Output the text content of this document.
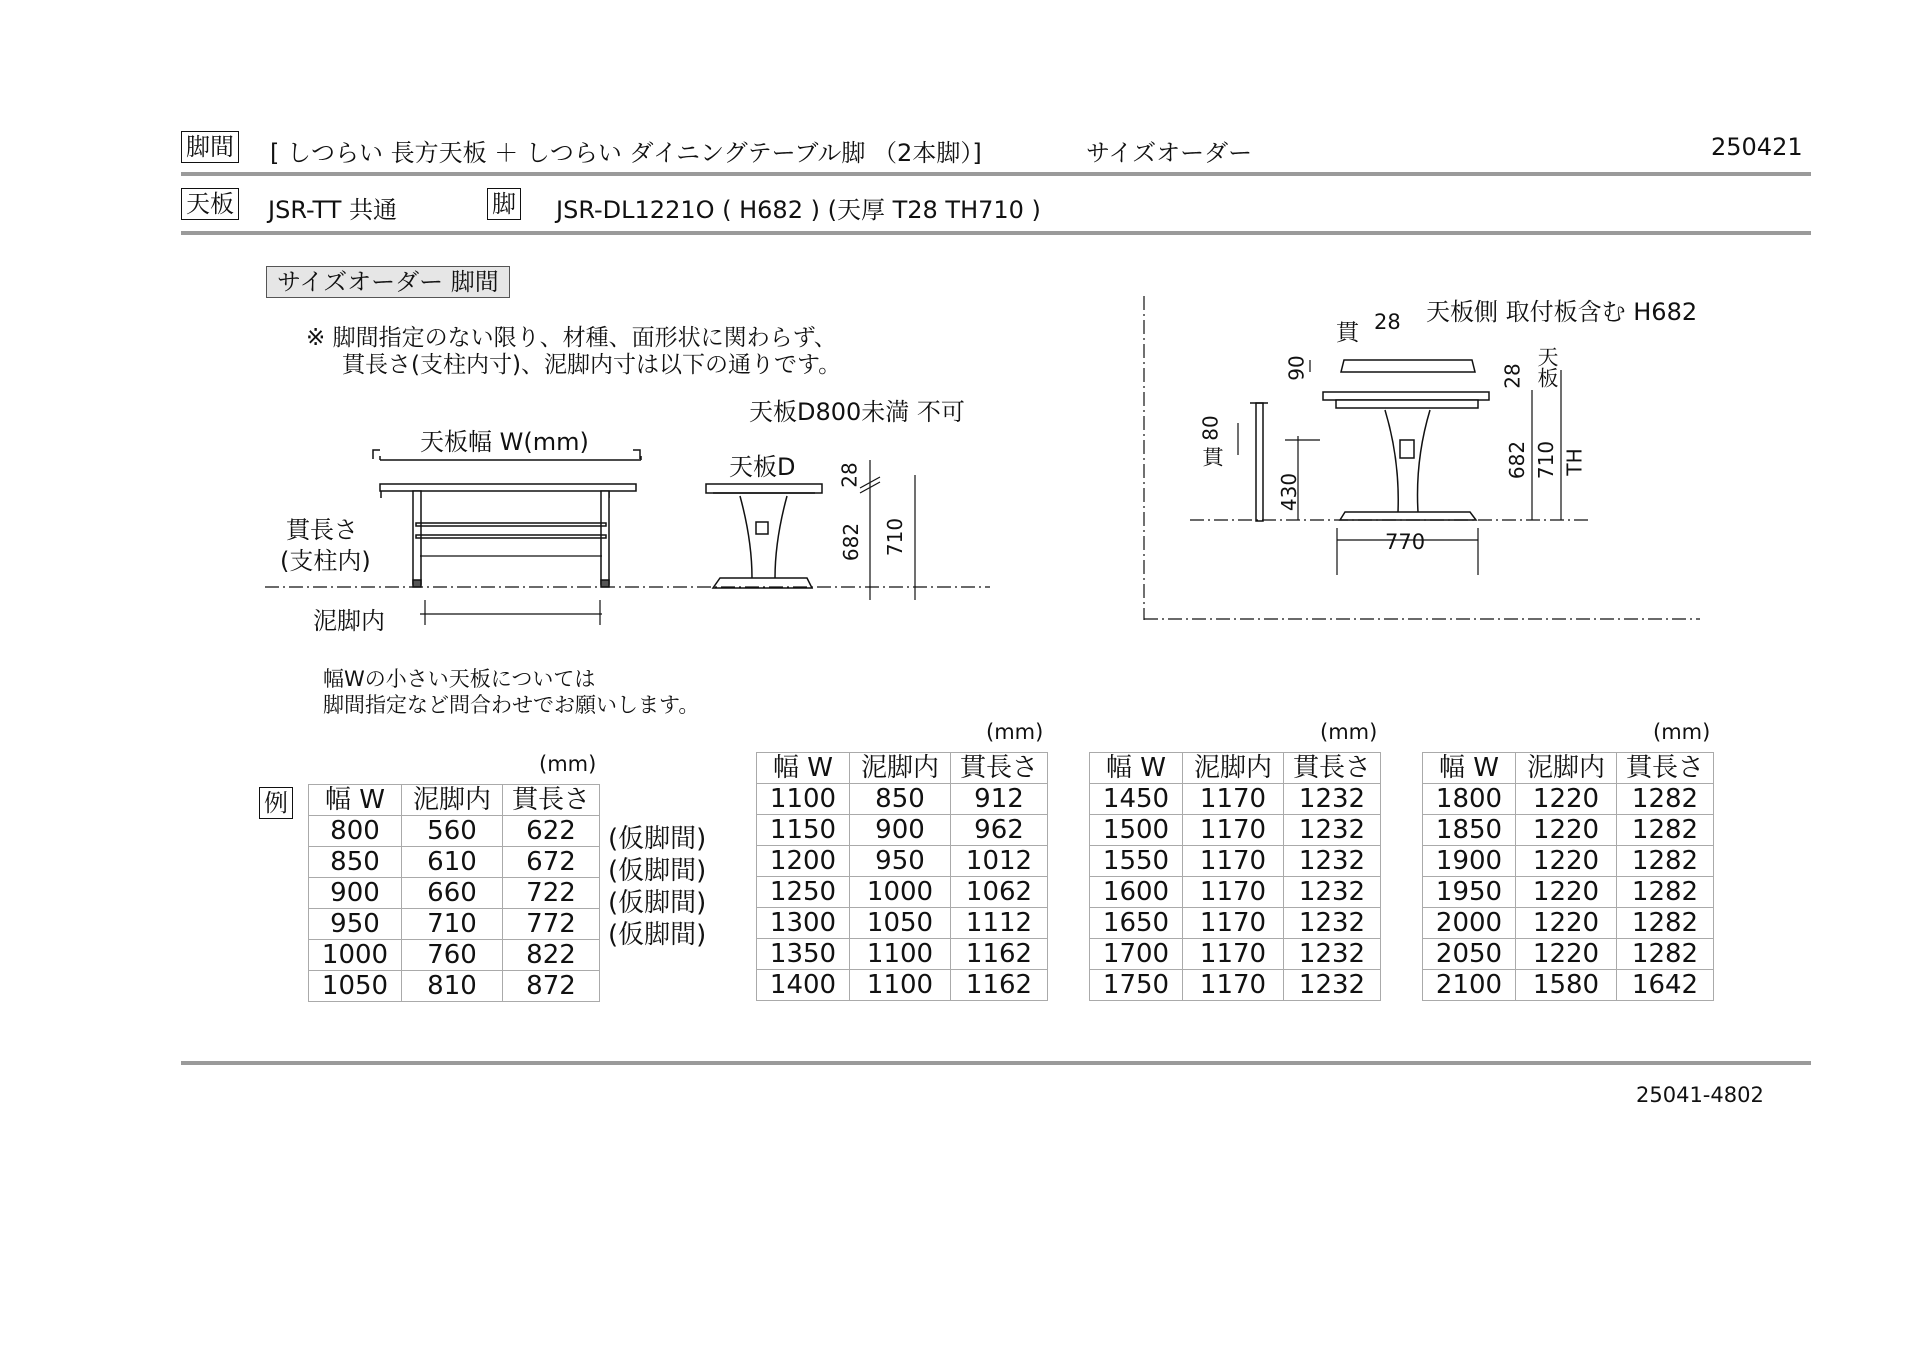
脚間 [ しつらい 長方天板 ＋ しつらい ダイニングテーブル脚 （2本脚）]	サイズオーダー	250421
天板 JSR-TT 共通	脚 JSR-DL1221O ( H682 ) (天厚 T28 TH710 )
サイズオーダー 脚間
※ 脚間指定のない限り、材種、面形状に関わらず、
貫長さ(支柱内寸)、泥脚内寸は以下の通りです。
天板幅 W(mm)
貫長さ
(支柱内)
泥脚内
天板D800未満 不可
天板D 28
682 710
天板側 取付板含む H682
貫 28
90	28 天板
682 710 TH
貫
80
430
770
幅Wの小さい天板については
脚間指定など問合わせでお願いします。
(mm)
(mm)	(mm)	(mm)
例 幅 W	泥脚内	貫長さ
800	560	622
850	610	672
900	660	722
950	710	772
1000	760	822
1050	810	872
幅 W	泥脚内	貫長さ
1100	850	912
1150	900	962
1200	950	1012
1250	1000	1062
1300	1050	1112
1350	1100	1162
1400	1100	1162
幅 W	泥脚内	貫長さ
1450	1170	1232
1500	1170	1232
1550	1170	1232
1600	1170	1232
1650	1170	1232
1700	1170	1232
1750	1170	1232
幅 W	泥脚内	貫長さ
1800	1220	1282
1850	1220	1282
1900	1220	1282
1950	1220	1282
2000	1220	1282
2050	1220	1282
2100	1580	1642
(仮脚間)
(仮脚間)
(仮脚間)
(仮脚間)
25041-4802
